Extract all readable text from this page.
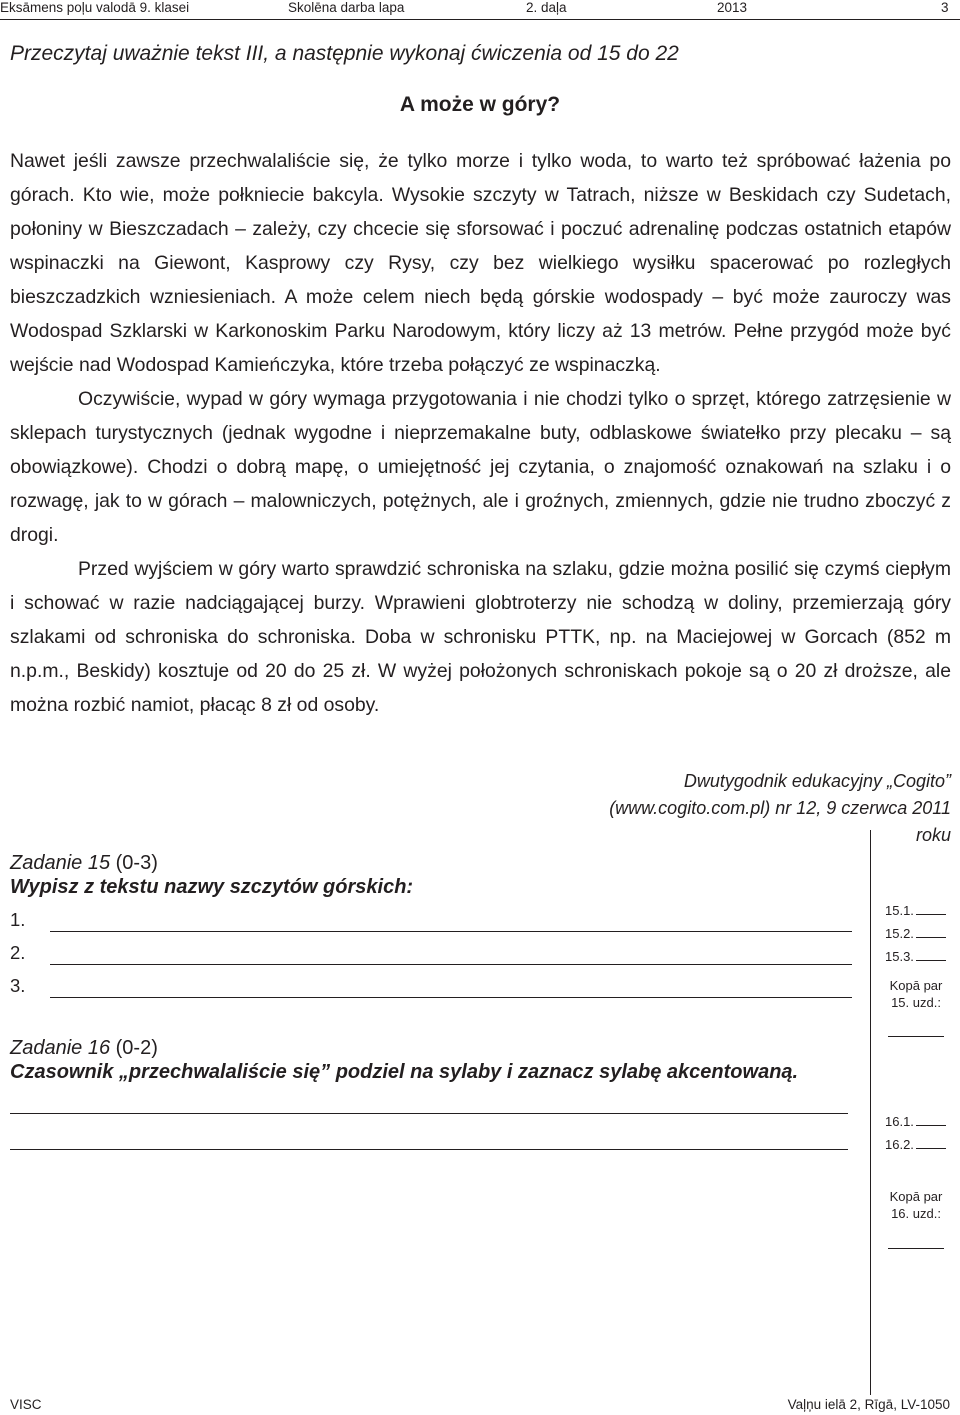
Eksāmens poļu valodā 9. klasei	Skolēna darba lapa	2. daļa	2013	3
Przeczytaj uważnie tekst III, a następnie wykonaj ćwiczenia od 15 do 22
A może w góry?

Nawet jeśli zawsze przechwalaliście się, że tylko morze i tylko woda, to warto też spróbować łażenia po górach. Kto wie, może połkniecie bakcyla. Wysokie szczyty w Tatrach, niższe w Beskidach czy Sudetach, połoniny w Bieszczadach – zależy, czy chcecie się sforsować i poczuć adrenalinę podczas ostatnich etapów wspinaczki na Giewont, Kasprowy czy Rysy, czy bez wielkiego wysiłku spacerować po rozległych bieszczadzkich wzniesieniach. A może celem niech będą górskie wodospady – być może zauroczy was Wodospad Szklarski w Karkonoskim Parku Narodowym, który liczy aż 13 metrów. Pełne przygód może być wejście nad Wodospad Kamieńczyka, które trzeba połączyć ze wspinaczką.

Oczywiście, wypad w góry wymaga przygotowania i nie chodzi tylko o sprzęt, którego zatrzęsienie w sklepach turystycznych (jednak wygodne i nieprzemakalne buty, odblaskowe światełko przy plecaku – są obowiązkowe). Chodzi o dobrą mapę, o umiejętność jej czytania, o znajomość oznakowań na szlaku i o rozwagę, jak to w górach – malowniczych, potężnych, ale i groźnych, zmiennych, gdzie nie trudno zboczyć z drogi.

Przed wyjściem w góry warto sprawdzić schroniska na szlaku, gdzie można posilić się czymś ciepłym i schować w razie nadciągającej burzy. Wprawieni globtroterzy nie schodzą w doliny, przemierzają góry szlakami od schroniska do schroniska. Doba w schronisku PTTK, np. na Maciejowej w Gorcach (852 m n.p.m., Beskidy) kosztuje od 20 do 25 zł. W wyżej położonych schroniskach pokoje są o 20 zł droższe, ale można rozbić namiot, płacąc 8 zł od osoby.

Dwutygodnik edukacyjny „Cogito” (www.cogito.com.pl) nr 12, 9 czerwca 2011 roku
Zadanie 15 (0-3)
Wypisz z tekstu nazwy szczytów górskich:
1.
2.
3.
Zadanie 16 (0-2)
Czasownik „przechwalaliście się” podziel na sylaby i zaznacz sylabę akcentowaną.
15.1.
15.2.
15.3.
Kopā par
15. uzd.:
16.1.
16.2.
Kopā par
16. uzd.:
VISC	Vaļņu ielā 2, Rīgā, LV-1050
